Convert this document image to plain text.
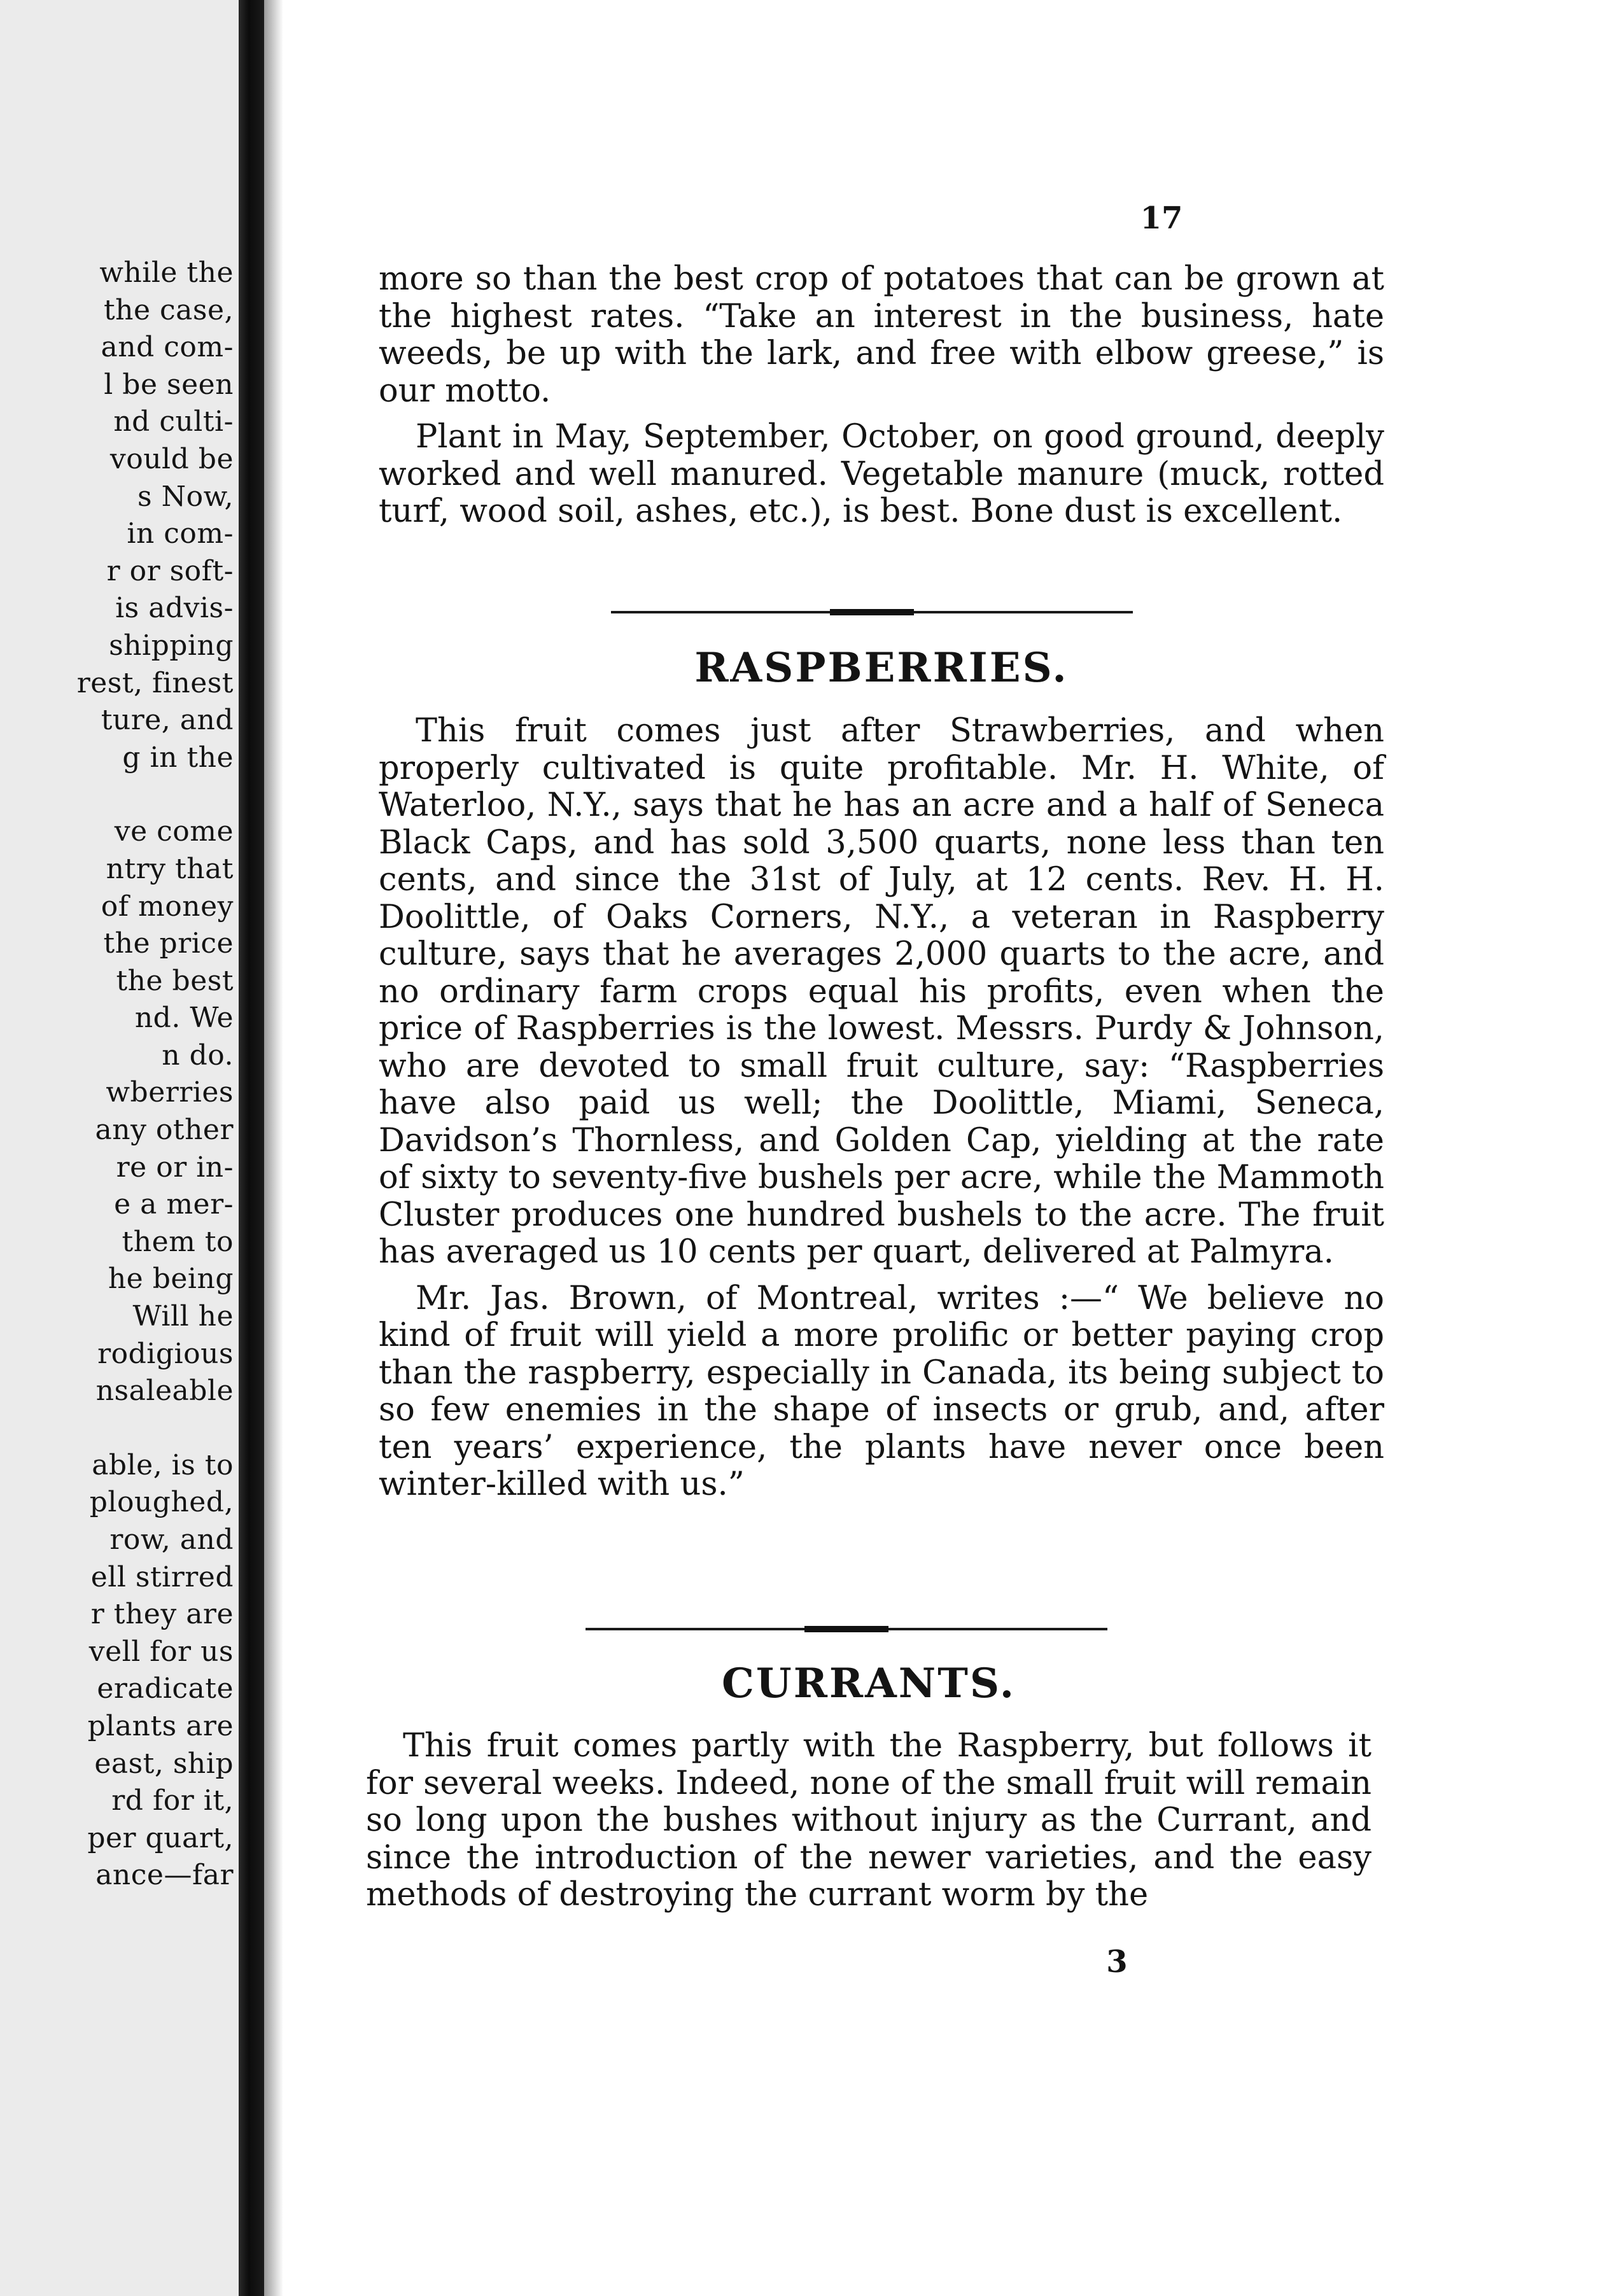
while the
the case,
and com-
l be seen
nd culti-
vould be
s Now,
in com-
r or soft-
is advis-
shipping
rest, finest
ture, and
g in the
ve come
ntry that
of money
the price
the best
nd. We
n do.
wberries
any other
re or in-
e a mer-
them to
he being
Will he
rodigious
nsaleable
able, is to
ploughed,
row, and
ell stirred
r they are
vell for us
eradicate
plants are
east, ship
rd for it,
per quart,
ance—far
17

more so than the best crop of potatoes that can be grown at the highest rates. “Take an interest in the business, hate weeds, be up with the lark, and free with elbow greese,” is our motto.

Plant in May, September, October, on good ground, deeply worked and well manured. Vegetable manure (muck, rotted turf, wood soil, ashes, etc.), is best. Bone dust is excellent.

RASPBERRIES.

This fruit comes just after Strawberries, and when properly cultivated is quite profitable. Mr. H. White, of Waterloo, N.Y., says that he has an acre and a half of Seneca Black Caps, and has sold 3,500 quarts, none less than ten cents, and since the 31st of July, at 12 cents. Rev. H. H. Doolittle, of Oaks Corners, N.Y., a veteran in Raspberry culture, says that he averages 2,000 quarts to the acre, and no ordinary farm crops equal his profits, even when the price of Raspberries is the lowest. Messrs. Purdy & Johnson, who are devoted to small fruit culture, say: “Raspberries have also paid us well; the Doolittle, Miami, Seneca, Davidson’s Thornless, and Golden Cap, yielding at the rate of sixty to seventy-five bushels per acre, while the Mammoth Cluster produces one hundred bushels to the acre. The fruit has averaged us 10 cents per quart, delivered at Palmyra.

Mr. Jas. Brown, of Montreal, writes :—“ We believe no kind of fruit will yield a more prolific or better paying crop than the raspberry, especially in Canada, its being subject to so few enemies in the shape of insects or grub, and, after ten years’ experience, the plants have never once been winter-killed with us.”

CURRANTS.

This fruit comes partly with the Raspberry, but follows it for several weeks. Indeed, none of the small fruit will remain so long upon the bushes without injury as the Currant, and since the introduction of the newer varieties, and the easy methods of destroying the currant worm by the

3
